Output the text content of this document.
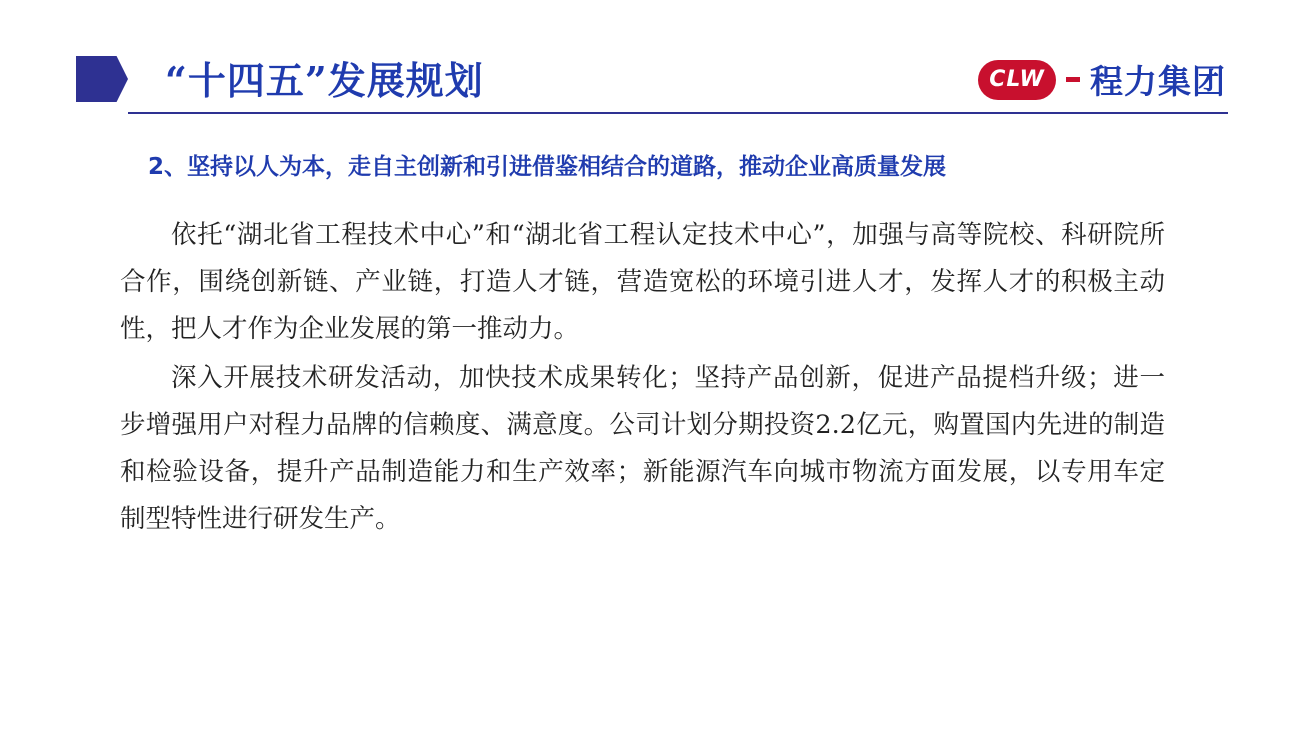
“十四五”发展规划	CLW 程力集团
2、坚持以人为本，走自主创新和引进借鉴相结合的道路，推动企业高质量发展

依托“湖北省工程技术中心”和“湖北省工程认定技术中心”，加强与高等院校、科研院所合作，围绕创新链、产业链，打造人才链，营造宽松的环境引进人才，发挥人才的积极主动性，把人才作为企业发展的第一推动力。

深入开展技术研发活动，加快技术成果转化；坚持产品创新，促进产品提档升级；进一步增强用户对程力品牌的信赖度、满意度。公司计划分期投资2.2亿元，购置国内先进的制造和检验设备，提升产品制造能力和生产效率；新能源汽车向城市物流方面发展，以专用车定制型特性进行研发生产。
